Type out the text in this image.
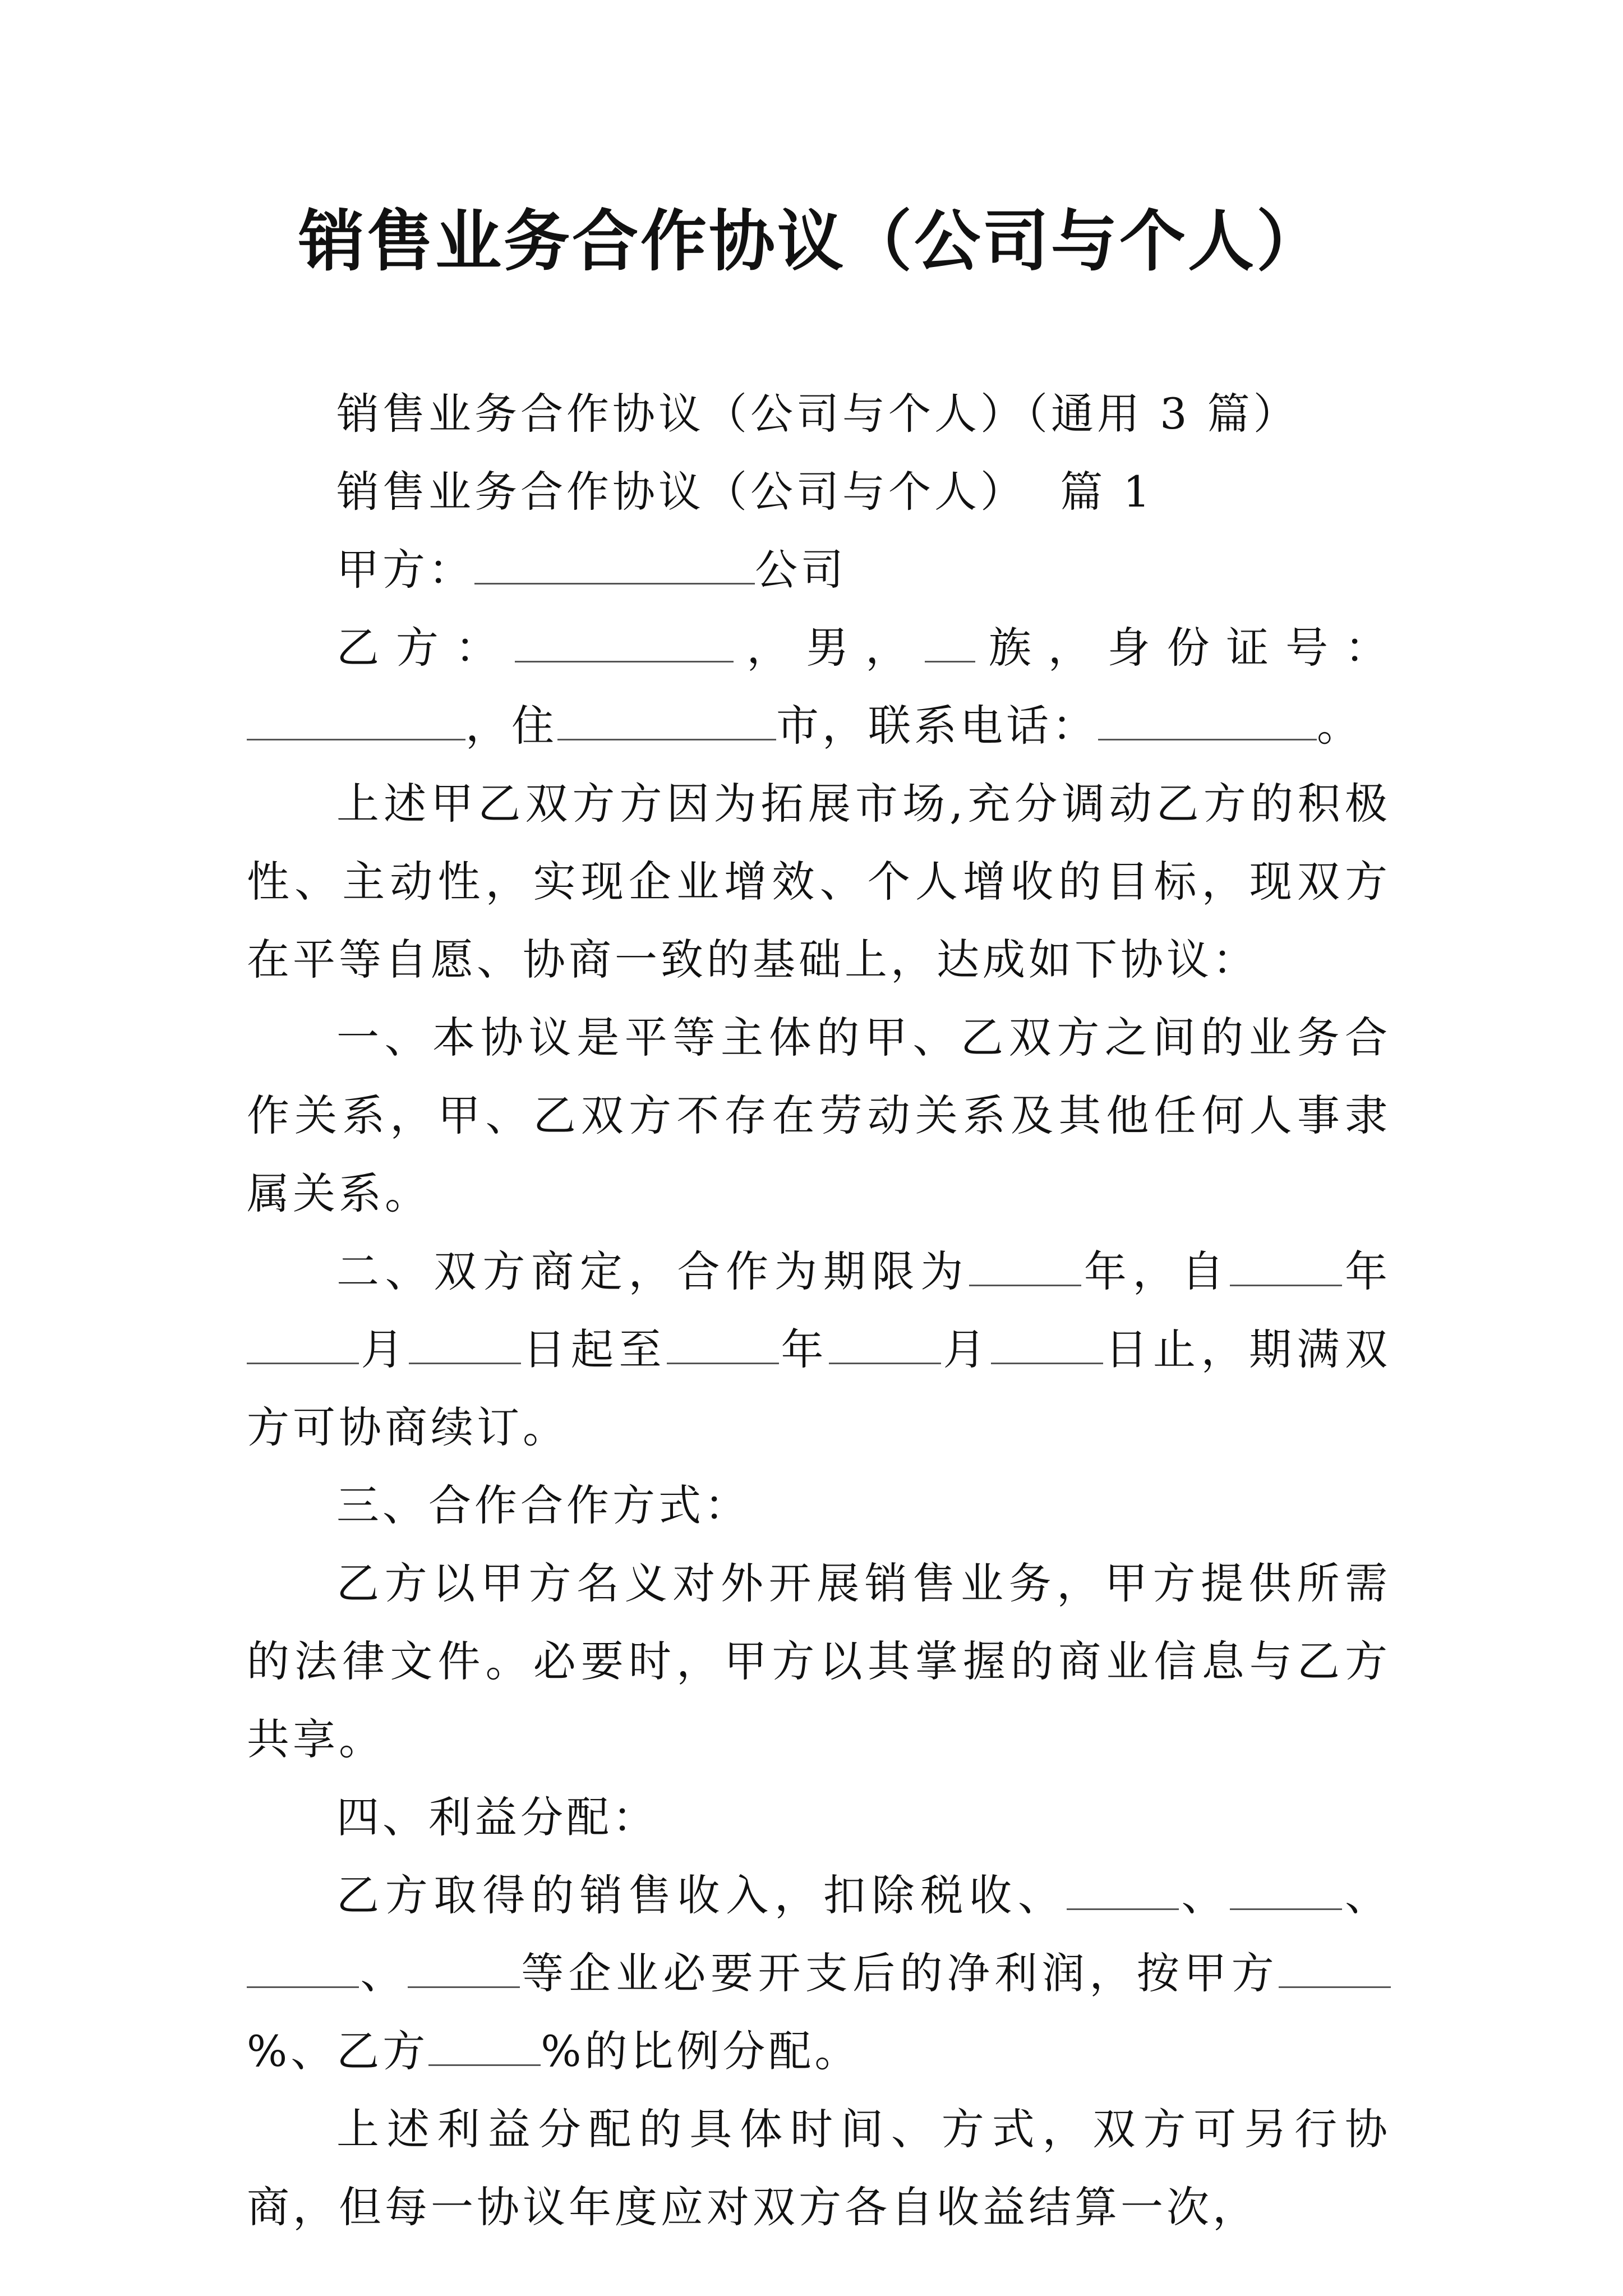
销售业务合作协议（公司与个人）

销售业务合作协议（公司与个人）（通用 3 篇）

销售业务合作协议（公司与个人）  篇 1

甲方：	公司

乙方：	，男， 族，身份证号：

，住	市，联系电话：	。

上述甲乙双方方因为拓展市场,充分调动乙方的积极性、主动性，实现企业增效、个人增收的目标，现双方在平等自愿、协商一致的基础上，达成如下协议：

一、本协议是平等主体的甲、乙双方之间的业务合作关系，甲、乙双方不存在劳动关系及其他任何人事隶属关系。

二、双方商定，合作为期限为	年，自	年月	日起至	年	月	日止，期满双方可协商续订。

三、合作合作方式：

乙方以甲方名义对外开展销售业务，甲方提供所需的法律文件。必要时，甲方以其掌握的商业信息与乙方共享。

四、利益分配：

乙方取得的销售收入，扣除税收、	、	、、	等企业必要开支后的净利润，按甲方%、乙方	%的比例分配。

上述利益分配的具体时间、方式，双方可另行协商，但每一协议年度应对双方各自收益结算一次，
